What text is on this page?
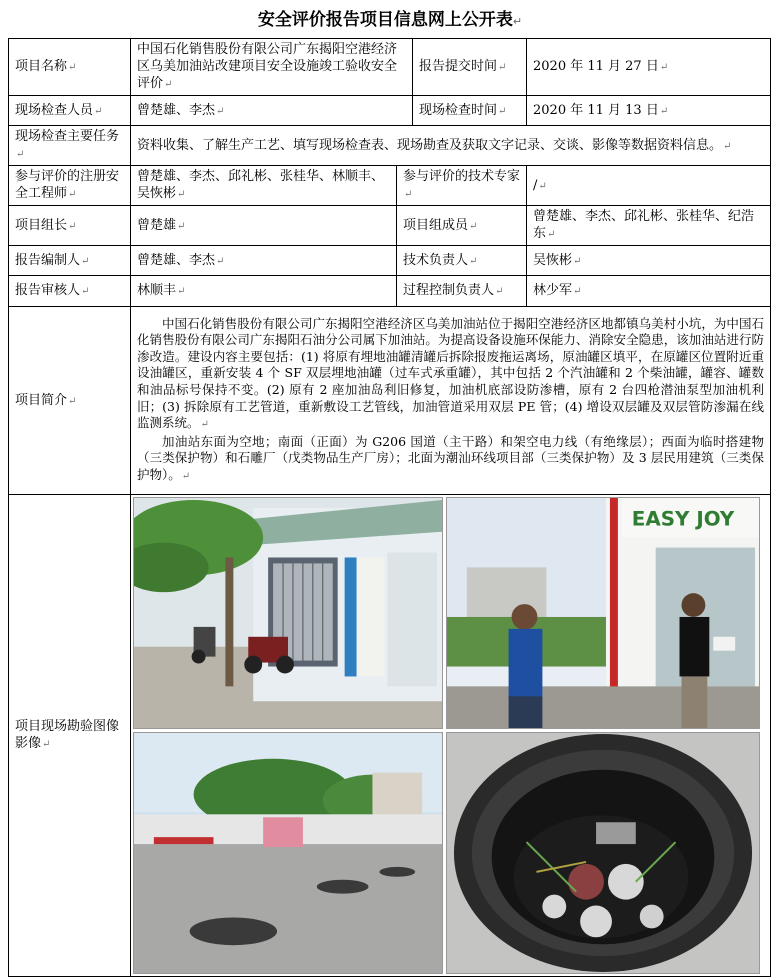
安全评价报告项目信息网上公开表↵
项目名称 ↵	中国石化销售股份有限公司广东揭阳空港经济区乌美加油站改建项目安全设施竣工验收安全评价 ↵		报告提交时间 ↵	2020 年 11 月 27 日 ↵
现场检查人员 ↵	曾楚雄、李杰 ↵		现场检查时间 ↵	2020 年 11 月 13 日 ↵
现场检查主要任务 ↵	资料收集、了解生产工艺、填写现场检查表、现场勘查及获取文字记录、交谈、影像等数据资料信息。 ↵
参与评价的注册安全工程师 ↵	曾楚雄、李杰、邱礼彬、张桂华、林顺丰、吴恢彬 ↵	参与评价的技术专家 ↵		/ ↵
项目组长 ↵	曾楚雄 ↵	项目组成员 ↵		曾楚雄、李杰、邱礼彬、张桂华、纪浩东 ↵
报告编制人 ↵	曾楚雄、李杰 ↵	技术负责人 ↵		吴恢彬 ↵
报告审核人 ↵	林顺丰 ↵	过程控制负责人 ↵		林少军 ↵
项目简介 ↵	中国石化销售股份有限公司广东揭阳空港经济区乌美加油站位于揭阳空港经济区地都镇乌美村小坑，为中国石化销售股份有限公司广东揭阳石油分公司属下加油站。为提高设备设施环保能力、消除安全隐患，该加油站进行防渗改造。建设内容主要包括：(1) 将原有埋地油罐清罐后拆除报废拖运离场，原油罐区填平，在原罐区位置附近重设油罐区，重新安装 4 个 SF 双层埋地油罐（过车式承重罐），其中包括 2 个汽油罐和 2 个柴油罐，罐容、罐数和油品标号保持不变。(2) 原有 2 座加油岛利旧修复，加油机底部设防渗槽，原有 2 台四枪潜油泵型加油机利旧；(3) 拆除原有工艺管道，重新敷设工艺管线，加油管道采用双层 PE 管；(4) 增设双层罐及双层管防渗漏在线监测系统。 ↵

加油站东面为空地；南面（正面）为 G206 国道（主干路）和架空电力线（有绝缘层）；西面为临时搭建物（三类保护物）和石雕厂（戊类物品生产厂房）；北面为潮汕环线项目部（三类保护物）及 3 层民用建筑（三类保护物）。 ↵

项目现场勘验图像影像 ↵	EASY JOY			
